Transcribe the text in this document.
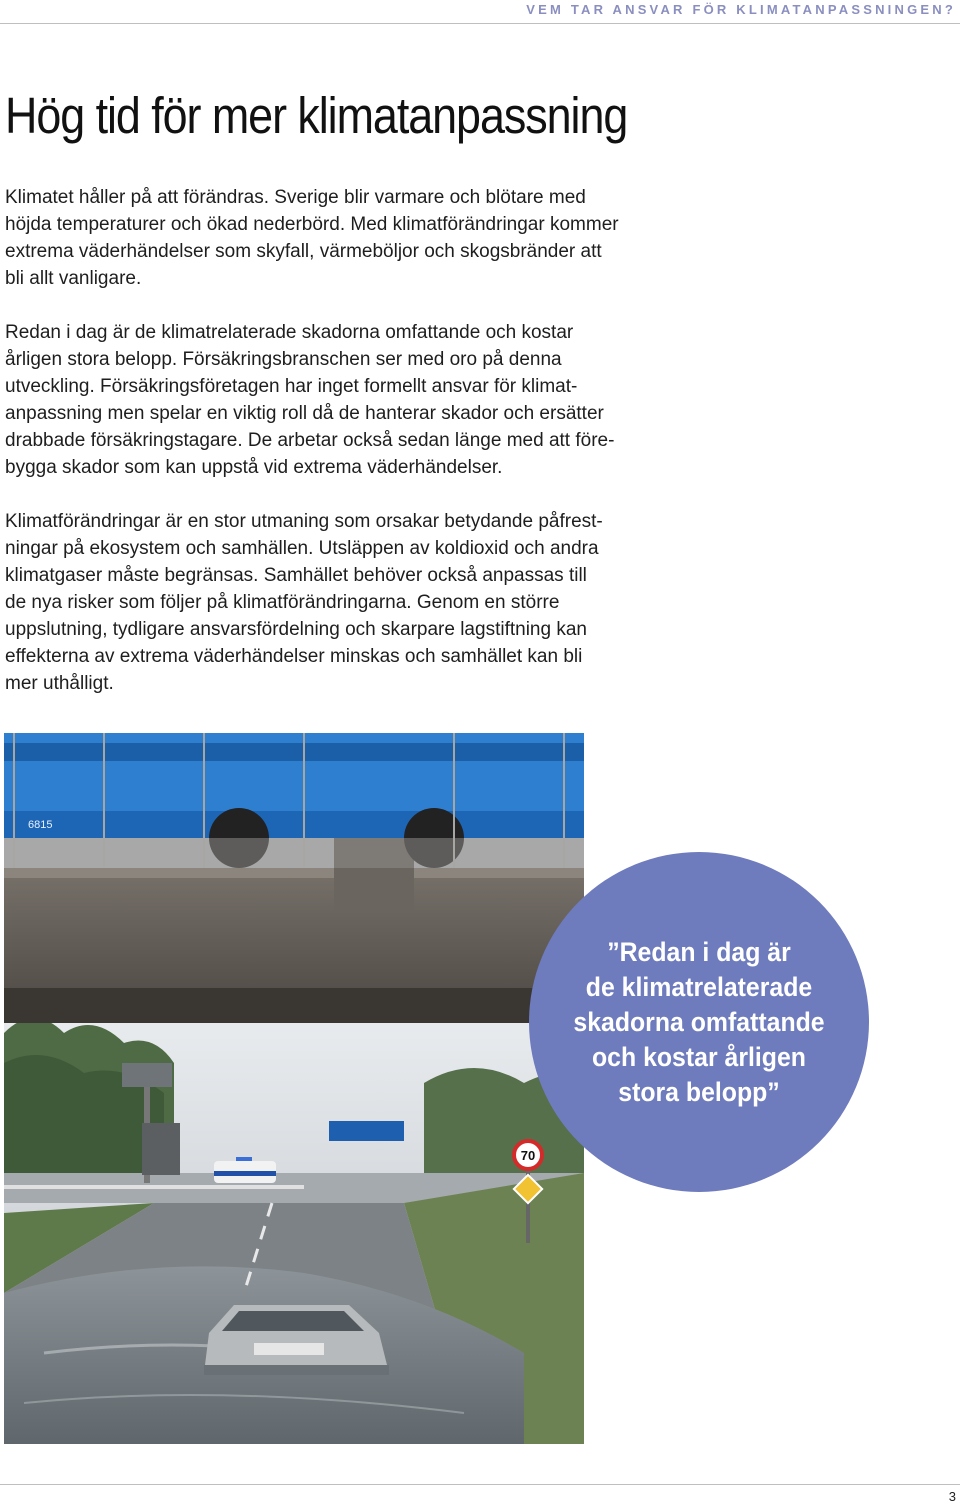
VEM TAR ANSVAR FÖR KLIMATANPASSNINGEN?
Hög tid för mer klimatanpassning

Klimatet håller på att förändras. Sverige blir varmare och blötare med
höjda temperaturer och ökad nederbörd. Med klimatförändringar kommer
extrema väderhändelser som skyfall, värmeböljor och skogsbränder att
bli allt vanligare.

Redan i dag är de klimatrelaterade skadorna omfattande och kostar
årligen stora belopp. Försäkringsbranschen ser med oro på denna
utveckling. Försäkringsföretagen har inget formellt ansvar för klimat-
anpassning men spelar en viktig roll då de hanterar skador och ersätter
drabbade försäkringstagare. De arbetar också sedan länge med att före-
bygga skador som kan uppstå vid extrema väderhändelser.

Klimatförändringar är en stor utmaning som orsakar betydande påfrest-
ningar på ekosystem och samhällen. Utsläppen av koldioxid och andra
klimatgaser måste begränsas. Samhället behöver också anpassas till
de nya risker som följer på klimatförändringarna. Genom en större
uppslutning, tydligare ansvarsfördelning och skarpare lagstiftning kan
effekterna av extrema väderhändelser minskas och samhället kan bli
mer uthålligt.

70
6815

”Redan i dag är
de klimatrelaterade
skadorna omfattande
och kostar årligen
stora belopp”

3
